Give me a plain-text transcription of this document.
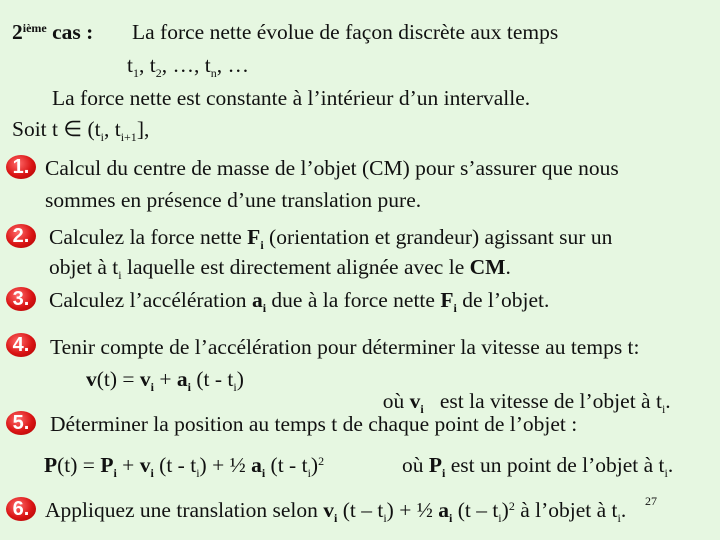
2ième cas : La force nette évolue de façon discrète aux temps
$t_1$, $t_2$, …, $t_n$, …
La force nette est constante à l’intérieur d’un intervalle.
Soit t ∈ ($t_i$, $t_{i+1}$],
1. Calcul du centre de masse de l’objet (CM) pour s’assurer que nous
sommes en présence d’une translation pure.
2. Calculez la force nette $F_i$ (orientation et grandeur) agissant sur un
objet à $t_i$ laquelle est directement alignée avec le CM.
3. Calculez l’accélération $a_i$ due à la force nette $F_i$ de l’objet.
4. Tenir compte de l’accélération pour déterminer la vitesse au temps t:
$v(t) = v_i + a_i$ $(t - t_i)$

où $v_i$   est la vitesse de l’objet à $t_i$.

5. Déterminer la position au temps t de chaque point de l’objet :
$P(t) = P_i + v_i$ $(t - t_i)$ + ½ $a_i$ $(t - t_i)^2$	où $P_i$ est un point de l’objet à $t_i$.
6. Appliquez une translation selon $v_i$ $(t - t_i)$ + ½ $a_i$ $(t - t_i)^2$ à l’objet à $t_i$. 27
